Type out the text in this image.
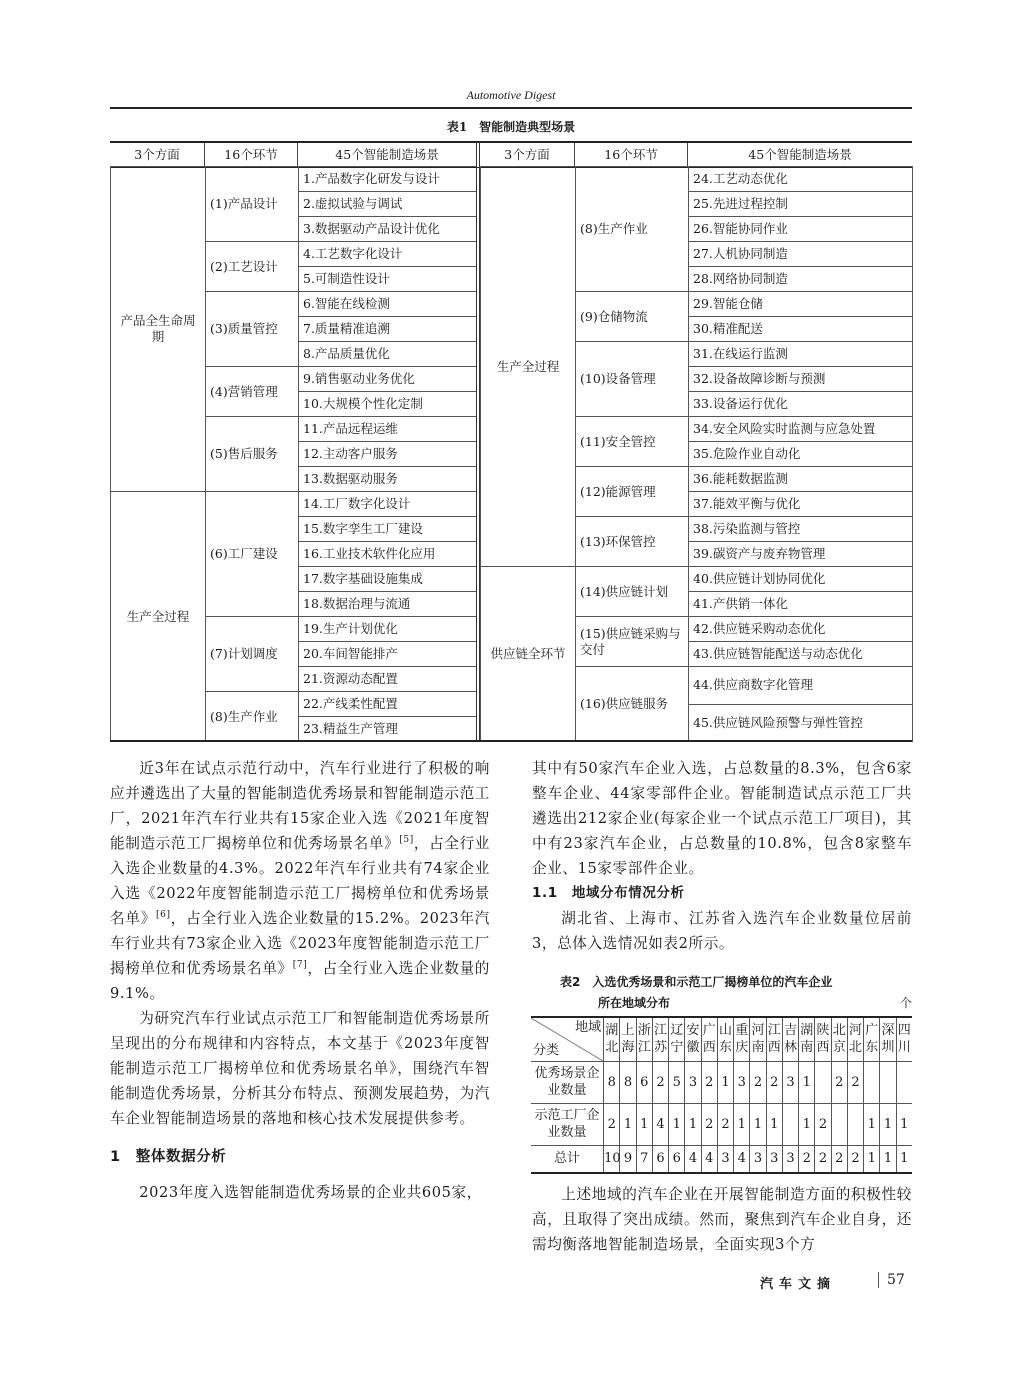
Automotive Digest
表1　智能制造典型场景
3个方面	16个环节	45个智能制造场景	3个方面	16个环节	45个智能制造场景
产品全生命周期	(1)产品设计	1.产品数字化研发与设计
		2.虚拟试验与调试
		3.数据驱动产品设计优化
	(2)工艺设计	4.工艺数字化设计
		5.可制造性设计
	(3)质量管控	6.智能在线检测
		7.质量精准追溯
		8.产品质量优化
	(4)营销管理	9.销售驱动业务优化
		10.大规模个性化定制
	(5)售后服务	11.产品远程运维
		12.主动客户服务
		13.数据驱动服务
生产全过程	(6)工厂建设	14.工厂数字化设计
		15.数字孪生工厂建设
		16.工业技术软件化应用
		17.数字基础设施集成
		18.数据治理与流通
	(7)计划调度	19.生产计划优化
		20.车间智能排产
		21.资源动态配置
	(8)生产作业	22.产线柔性配置
		23.精益生产管理
生产全过程	(8)生产作业	24.工艺动态优化
		25.先进过程控制
		26.智能协同作业
		27.人机协同制造
		28.网络协同制造
	(9)仓储物流	29.智能仓储
		30.精准配送
	(10)设备管理	31.在线运行监测
		32.设备故障诊断与预测
		33.设备运行优化
	(11)安全管控	34.安全风险实时监测与应急处置
		35.危险作业自动化
	(12)能源管理	36.能耗数据监测
		37.能效平衡与优化
	(13)环保管控	38.污染监测与管控
		39.碳资产与废弃物管理
供应链全环节	(14)供应链计划	40.供应链计划协同优化
		41.产供销一体化
	(15)供应链采购与交付	42.供应链采购动态优化
		43.供应链智能配送与动态优化
	(16)供应链服务	44.供应商数字化管理
		45.供应链风险预警与弹性管控

近3年在试点示范行动中，汽车行业进行了积极的响应并遴选出了大量的智能制造优秀场景和智能制造示范工厂，2021年汽车行业共有15家企业入选《2021年度智能制造示范工厂揭榜单位和优秀场景名单》[5]，占全行业入选企业数量的4.3%。2022年汽车行业共有74家企业入选《2022年度智能制造示范工厂揭榜单位和优秀场景名单》[6]，占全行业入选企业数量的15.2%。2023年汽车行业共有73家企业入选《2023年度智能制造示范工厂揭榜单位和优秀场景名单》[7]，占全行业入选企业数量的9.1%。

为研究汽车行业试点示范工厂和智能制造优秀场景所呈现出的分布规律和内容特点，本文基于《2023年度智能制造示范工厂揭榜单位和优秀场景名单》，围绕汽车智能制造优秀场景，分析其分布特点、预测发展趋势，为汽车企业智能制造场景的落地和核心技术发展提供参考。

1　整体数据分析

2023年度入选智能制造优秀场景的企业共605家，

其中有50家汽车企业入选，占总数量的8.3%，包含6家整车企业、44家零部件企业。智能制造试点示范工厂共遴选出212家企业(每家企业一个试点示范工厂项目)，其中有23家汽车企业，占总数量的10.8%，包含8家整车企业、15家零部件企业。

1.1　地域分布情况分析

湖北省、上海市、江苏省入选汽车企业数量位居前3，总体入选情况如表2所示。

表2　入选优秀场景和示范工厂揭榜单位的汽车企业
所在地域分布	个
地域
分类	湖北	上海	浙江	江苏	辽宁	安徽	广西	山东	重庆	河南	江西	吉林	湖南	陕西	北京	河北	广东	深圳	四川
优秀场景企业数量	8	8	6	2	5	3	2	1	3	2	2	3	1		2	2			
示范工厂企业数量	2	1	1	4	1	1	2	2	1	1	1		1	2			1	1	1
总计	10	9	7	6	6	4	4	3	4	3	3	3	2	2	2	2	1	1	1

上述地域的汽车企业在开展智能制造方面的积极性较高，且取得了突出成绩。然而，聚焦到汽车企业自身，还需均衡落地智能制造场景，全面实现3个方

汽车文摘	57
